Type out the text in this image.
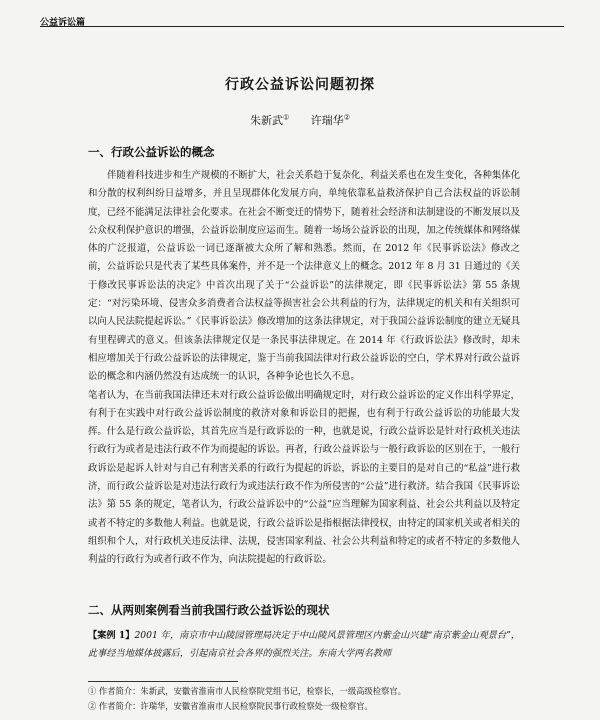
公益诉讼篇
行政公益诉讼问题初探
朱新武① 许瑞华②
一、行政公益诉讼的概念

伴随着科技进步和生产规模的不断扩大，社会关系趋于复杂化，利益关系也在发生变化，各种集体化和分散的权利纠纷日益增多，并且呈现群体化发展方向，单纯依靠私益救济保护自己合法权益的诉讼制度，已经不能满足法律社会化要求。在社会不断变迁的情势下，随着社会经济和法制建设的不断发展以及公众权利保护意识的增强，公益诉讼制度应运而生。随着一场场公益诉讼的出现，加之传统媒体和网络媒体的广泛报道，公益诉讼一词已逐渐被大众所了解和熟悉。然而，在 2012 年《民事诉讼法》修改之前，公益诉讼只是代表了某些具体案件，并不是一个法律意义上的概念。2012 年 8 月 31 日通过的《关于修改民事诉讼法的决定》中首次出现了关于“公益诉讼”的法律规定，即《民事诉讼法》第 55 条规定：“对污染环境、侵害众多消费者合法权益等损害社会公共利益的行为，法律规定的机关和有关组织可以向人民法院提起诉讼。”《民事诉讼法》修改增加的这条法律规定，对于我国公益诉讼制度的建立无疑具有里程碑式的意义。但该条法律规定仅是一条民事法律规定。在 2014 年《行政诉讼法》修改时，却未相应增加关于行政公益诉讼的法律规定，鉴于当前我国法律对行政公益诉讼的空白，学术界对行政公益诉讼的概念和内涵仍然没有达成统一的认识，各种争论也长久不息。

笔者认为，在当前我国法律还未对行政公益诉讼做出明确规定时，对行政公益诉讼的定义作出科学界定，有利于在实践中对行政公益诉讼制度的救济对象和诉讼目的把握，也有利于行政公益诉讼的功能最大发挥。什么是行政公益诉讼，其首先应当是行政诉讼的一种，也就是说，行政公益诉讼是针对行政机关违法行政行为或者是违法行政不作为而提起的诉讼。再者，行政公益诉讼与一般行政诉讼的区别在于，一般行政诉讼是起诉人针对与自己有利害关系的行政行为提起的诉讼，诉讼的主要目的是对自己的“私益”进行救济，而行政公益诉讼是对违法行政行为或违法行政不作为所侵害的“公益”进行救济。结合我国《民事诉讼法》第 55 条的规定，笔者认为，行政公益诉讼中的“公益”应当理解为国家利益、社会公共利益以及特定或者不特定的多数他人利益。也就是说，行政公益诉讼是指根据法律授权，由特定的国家机关或者相关的组织和个人，对行政机关违反法律、法规，侵害国家利益、社会公共利益和特定的或者不特定的多数他人利益的行政行为或者行政不作为，向法院提起的行政诉讼。

二、从两则案例看当前我国行政公益诉讼的现状
【案例 1】2001 年，南京市中山陵园管理局决定于中山陵风景管理区内紫金山兴建“南京紫金山观景台”，此事经当地媒体披露后，引起南京社会各界的强烈关注。东南大学两名教师
① 作者简介：朱新武，安徽省淮南市人民检察院党组书记，检察长，一级高级检察官。
② 作者简介：许瑞华，安徽省淮南市人民检察院民事行政检察处一级检察官。
